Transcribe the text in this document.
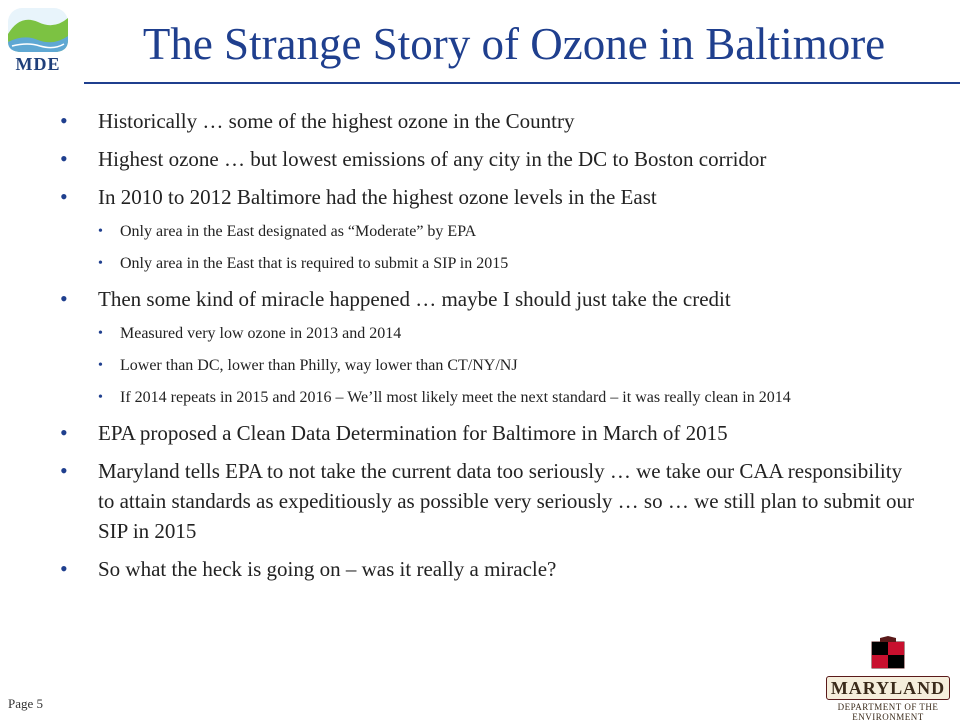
MDE	The Strange Story of Ozone in Baltimore
• Historically … some of the highest ozone in the Country
• Highest ozone … but lowest emissions of any city in the DC to Boston corridor
• In 2010 to 2012 Baltimore had the highest ozone levels in the East
• Only area in the East designated as “Moderate” by EPA
• Only area in the East that is required to submit a SIP in 2015
• Then some kind of miracle happened … maybe I should just take the credit
• Measured very low ozone in 2013 and 2014
• Lower than DC, lower than Philly, way lower than CT/NY/NJ
• If 2014 repeats in 2015 and 2016 – We’ll most likely meet the next standard – it was really clean in 2014
• EPA proposed a Clean Data Determination for Baltimore in March of 2015
• Maryland tells EPA to not take the current data too seriously … we take our CAA responsibility to attain standards as expeditiously as possible very seriously … so … we still plan to submit our SIP in 2015
• So what the heck is going on – was it really a miracle?
Page 5
MARYLAND
DEPARTMENT OF THE ENVIRONMENT
